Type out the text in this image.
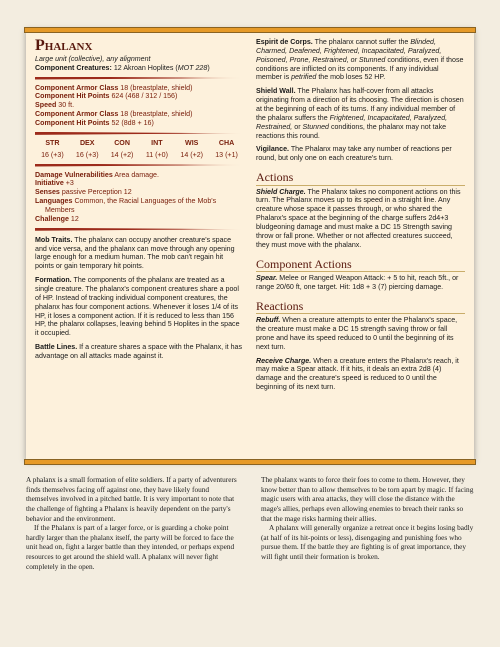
Phalanx
Large unit (collective), any alignment
Component Creatures: 12 Akroan Hoplites (MOT 228)
Component Armor Class 18 (breastplate, shield)
Component Hit Points 624 (468 / 312 / 156)
Speed 30 ft.
Component Armor Class 18 (breastplate, shield)
Component Hit Points 52 (8d8 + 16)
STR
16 (+3)
DEX
16 (+3)
CON
14 (+2)
INT
11 (+0)
WIS
14 (+2)
CHA
13 (+1)
Damage Vulnerabilities Area damage.
Initiative +3
Senses passive Perception 12
Languages Common, the Racial Languages of the Mob's Members
Challenge 12

Mob Traits. The phalanx can occupy another creature's space and vice versa, and the phalanx can move through any opening large enough for a medium human. The mob can't regain hit points or gain temporary hit points.

Formation. The components of the phalanx are treated as a single creature. The phalanx's component creatures share a pool of HP. Instead of tracking individual component creatures, the phalanx has four component actions. Whenever it loses 1/4 of its HP, it loses a component action. If it is reduced to less than 156 HP, the phalanx collapses, leaving behind 5 Hoplites in the space it occupied.

Battle Lines. If a creature shares a space with the Phalanx, it has advantage on all attacks made against it.

Espirit de Corps. The phalanx cannot suffer the Blinded, Charmed, Deafened, Frightened, Incapacitated, Paralyzed, Poisoned, Prone, Restrained, or Stunned conditions, even if those conditions are inflicted on its components. If any individual member is petrified the mob loses 52 HP.

Shield Wall. The Phalanx has half-cover from all attacks originating from a direction of its choosing. The direction is chosen at the beginning of each of its turns. If any individual member of the phalanx suffers the Frightened, Incapacitated, Paralyzed, Restrained, or Stunned conditions, the phalanx may not take reactions this round.

Vigilance. The Phalanx may take any number of reactions per round, but only one on each creature's turn.

Actions

Shield Charge. The Phalanx takes no component actions on this turn. The Phalanx moves up to its speed in a straight line. Any creature whose space it passes through, or who shared the Phalanx's space at the beginning of the charge suffers 2d4+3 bludgeoning damage and must make a DC 15 Strength saving throw or fall prone. Whether or not affected creatures succeed, they must move with the phalanx.

Component Actions

Spear. Melee or Ranged Weapon Attack: + 5 to hit, reach 5ft., or range 20/60 ft, one target. Hit: 1d8 + 3 (7) piercing damage.

Reactions

Rebuff. When a creature attempts to enter the Phalanx's space, the creature must make a DC 15 strength saving throw or fall prone and have its speed reduced to 0 until the beginning of its next turn.

Receive Charge. When a creature enters the Phalanx's reach, it may make a Spear attack. If it hits, it deals an extra 2d8 (4) damage and the creature's speed is reduced to 0 until the beginning of its next turn.

A phalanx is a small formation of elite soldiers. If a party of adventurers finds themselves facing off against one, they have likely found themselves involved in a pitched battle. It is very important to note that the challenge of fighting a Phalanx is heavily dependent on the party's behavior and the environment.

If the Phalanx is part of a larger force, or is guarding a choke point hardly larger than the phalanx itself, the party will be forced to face the unit head on, fight a larger battle than they intended, or perhaps expend resources to get around the shield wall. A phalanx will never fight completely in the open.

The phalanx wants to force their foes to come to them. However, they know better than to allow themselves to be torn apart by magic. If facing magic users with area attacks, they will close the distance with the mage's allies, perhaps even allowing enemies to breach their ranks so that the mage risks harming their allies.

A phalanx will generally organize a retreat once it begins losing badly (at half of its hit-points or less), disengaging and punishing foes who pursue them. If the battle they are fighting is of great importance, they will fight until their formation is broken.
